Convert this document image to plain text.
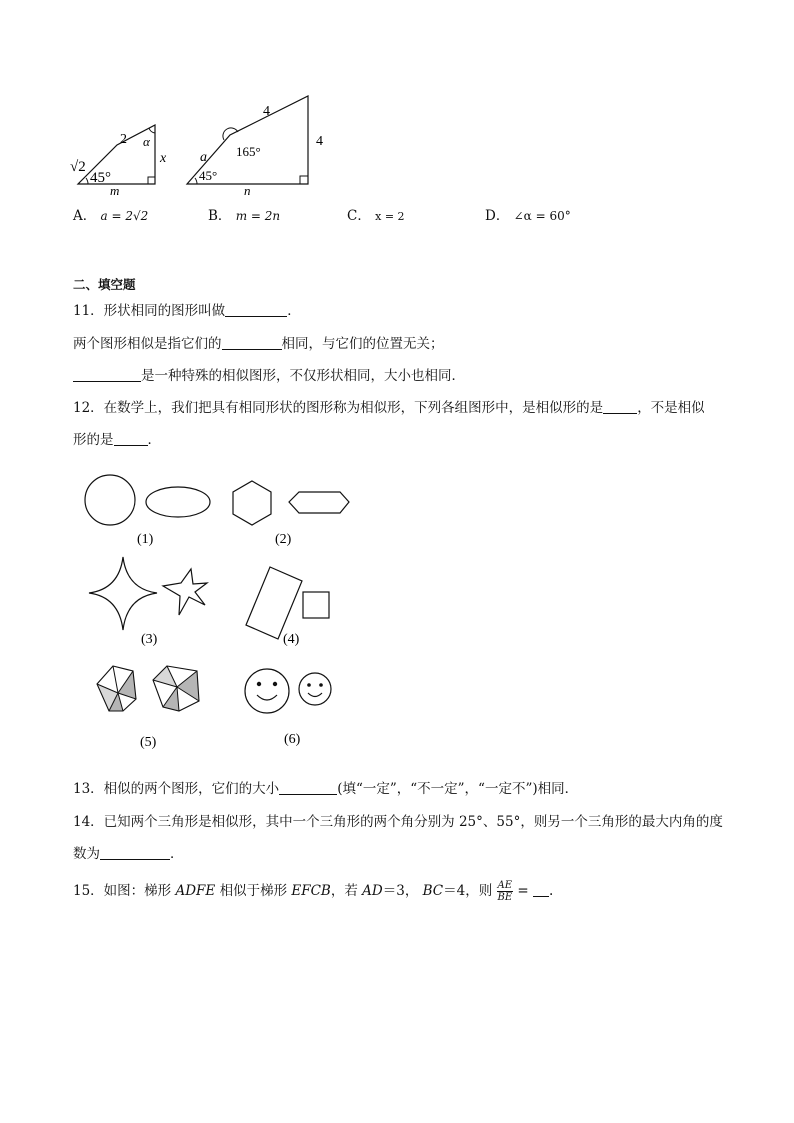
√2
2 α
x
45°
m
4
4
165°
a
45°
n
A． a = 2√2	B． m = 2n	C． x = 2	D． ∠α = 60°
二、填空题
11．形状相同的图形叫做	．
两个图形相似是指它们的	相同，与它们的位置无关；
是一种特殊的相似图形，不仅形状相同，大小也相同．
12．在数学上，我们把具有相同形状的图形称为相似形，下列各组图形中，是相似形的是	，不是相似
形的是	．
(1)	(2)
(3)	(4)
(5)	(6)
13．相似的两个图形，它们的大小	(填“一定”，“不一定”，“一定不”)相同．
14．已知两个三角形是相似形，其中一个三角形的两个角分别为 25°、55°，则另一个三角形的最大内角的度
数为	．
15．如图：梯形 ADFE 相似于梯形 EFCB，若 AD＝3， BC＝4，则 $\frac{AE}{BE}$ = .
